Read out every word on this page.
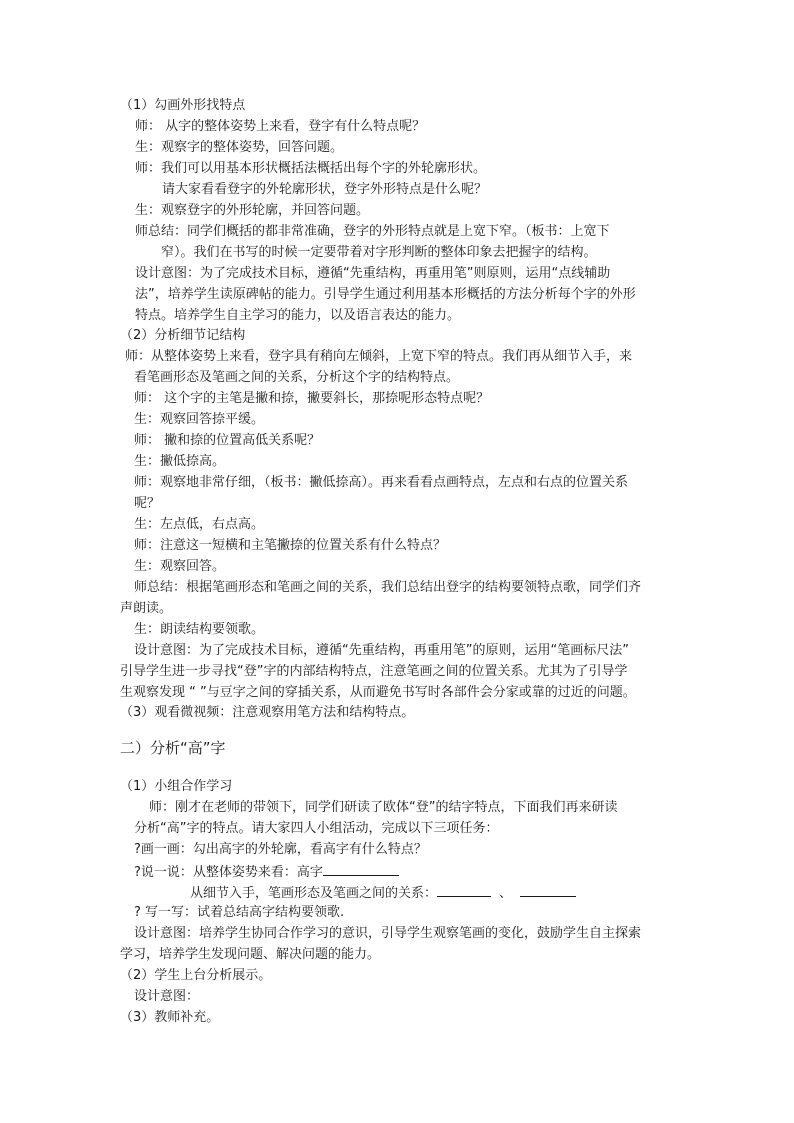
（1）勾画外形找特点
师： 从字的整体姿势上来看，登字有什么特点呢？
生：观察字的整体姿势，回答问题。
师：我们可以用基本形状概括法概括出每个字的外轮廓形状。
请大家看看登字的外轮廓形状，登字外形特点是什么呢？
生：观察登字的外形轮廓，并回答问题。
师总结：同学们概括的都非常准确，登字的外形特点就是上宽下窄。（板书：上宽下
窄）。我们在书写的时候一定要带着对字形判断的整体印象去把握字的结构。
设计意图：为了完成技术目标，遵循“先重结构，再重用笔”则原则，运用“点线辅助
法”，培养学生读原碑帖的能力。引导学生通过利用基本形概括的方法分析每个字的外形
特点。培养学生自主学习的能力，以及语言表达的能力。
（2）分析细节记结构
师：从整体姿势上来看，登字具有稍向左倾斜，上宽下窄的特点。我们再从细节入手，来
看笔画形态及笔画之间的关系，分析这个字的结构特点。
师： 这个字的主笔是撇和捺，撇要斜长，那捺呢形态特点呢？
生：观察回答捺平缓。
师： 撇和捺的位置高低关系呢？
生：撇低捺高。
师：观察地非常仔细，（板书：撇低捺高）。再来看看点画特点，左点和右点的位置关系
呢？
生：左点低，右点高。
师：注意这一短横和主笔撇捺的位置关系有什么特点？
生：观察回答。
师总结：根据笔画形态和笔画之间的关系，我们总结出登字的结构要领特点歌，同学们齐
声朗读。
生：朗读结构要领歌。
设计意图：为了完成技术目标，遵循“先重结构，再重用笔”的原则，运用“笔画标尺法”
引导学生进一步寻找“登”字的内部结构特点，注意笔画之间的位置关系。尤其为了引导学
生观察发现 “ ”与豆字之间的穿插关系，从而避免书写时各部件会分家或靠的过近的问题。
（3）观看微视频：注意观察用笔方法和结构特点。
二）分析“高”字
（1）小组合作学习
师：刚才在老师的带领下，同学们研读了欧体“登”的结字特点，下面我们再来研读
分析“高”字的特点。请大家四人小组活动，完成以下三项任务：
?画一画：勾出高字的外轮廓，看高字有什么特点？
?说一说：从整体姿势来看：高字
从细节入手，笔画形态及笔画之间的关系：	、
? 写一写：试着总结高字结构要领歌.
设计意图：培养学生协同合作学习的意识，引导学生观察笔画的变化，鼓励学生自主探索
学习，培养学生发现问题、解决问题的能力。
（2）学生上台分析展示。
设计意图：
（3）教师补充。
